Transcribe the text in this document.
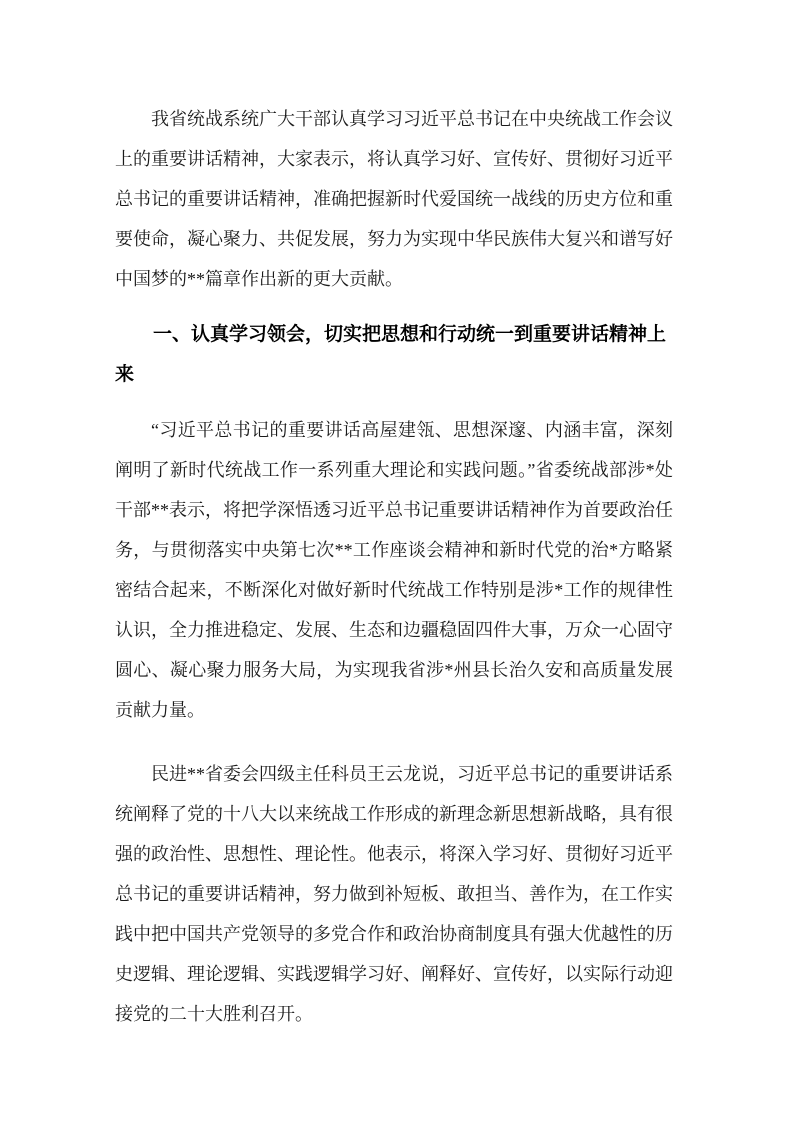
我省统战系统广大干部认真学习习近平总书记在中央统战工作会议上的重要讲话精神，大家表示，将认真学习好、宣传好、贯彻好习近平总书记的重要讲话精神，准确把握新时代爱国统一战线的历史方位和重要使命，凝心聚力、共促发展，努力为实现中华民族伟大复兴和谱写好中国梦的**篇章作出新的更大贡献。

一、认真学习领会，切实把思想和行动统一到重要讲话精神上来

“习近平总书记的重要讲话高屋建瓴、思想深邃、内涵丰富，深刻阐明了新时代统战工作一系列重大理论和实践问题。”省委统战部涉*处干部**表示，将把学深悟透习近平总书记重要讲话精神作为首要政治任务，与贯彻落实中央第七次**工作座谈会精神和新时代党的治*方略紧密结合起来，不断深化对做好新时代统战工作特别是涉*工作的规律性认识，全力推进稳定、发展、生态和边疆稳固四件大事，万众一心固守圆心、凝心聚力服务大局，为实现我省涉*州县长治久安和高质量发展贡献力量。

民进**省委会四级主任科员王云龙说，习近平总书记的重要讲话系统阐释了党的十八大以来统战工作形成的新理念新思想新战略，具有很强的政治性、思想性、理论性。他表示，将深入学习好、贯彻好习近平总书记的重要讲话精神，努力做到补短板、敢担当、善作为，在工作实践中把中国共产党领导的多党合作和政治协商制度具有强大优越性的历史逻辑、理论逻辑、实践逻辑学习好、阐释好、宣传好，以实际行动迎接党的二十大胜利召开。
